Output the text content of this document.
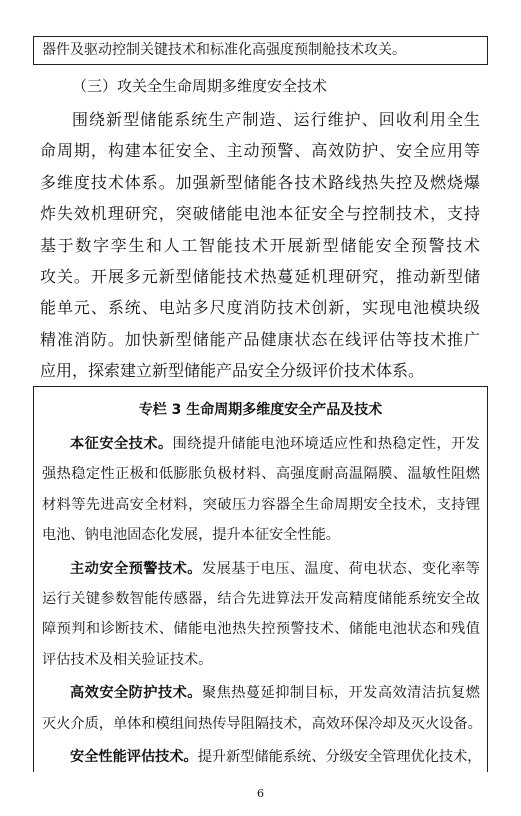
器件及驱动控制关键技术和标准化高强度预制舱技术攻关。
（三）攻关全生命周期多维度安全技术
围绕新型储能系统生产制造、运行维护、回收利用全生
命周期，构建本征安全、主动预警、高效防护、安全应用等
多维度技术体系。加强新型储能各技术路线热失控及燃烧爆
炸失效机理研究，突破储能电池本征安全与控制技术，支持
基于数字孪生和人工智能技术开展新型储能安全预警技术
攻关。开展多元新型储能技术热蔓延机理研究，推动新型储
能单元、系统、电站多尺度消防技术创新，实现电池模块级
精准消防。加快新型储能产品健康状态在线评估等技术推广
应用，探索建立新型储能产品安全分级评价技术体系。
专栏 3 生命周期多维度安全产品及技术
本征安全技术。围绕提升储能电池环境适应性和热稳定性，开发
强热稳定性正极和低膨胀负极材料、高强度耐高温隔膜、温敏性阻燃
材料等先进高安全材料，突破压力容器全生命周期安全技术，支持锂
电池、钠电池固态化发展，提升本征安全性能。
主动安全预警技术。发展基于电压、温度、荷电状态、变化率等
运行关键参数智能传感器，结合先进算法开发高精度储能系统安全故
障预判和诊断技术、储能电池热失控预警技术、储能电池状态和残值
评估技术及相关验证技术。
高效安全防护技术。聚焦热蔓延抑制目标，开发高效清洁抗复燃
灭火介质，单体和模组间热传导阻隔技术，高效环保冷却及灭火设备。
安全性能评估技术。提升新型储能系统、分级安全管理优化技术，
6
